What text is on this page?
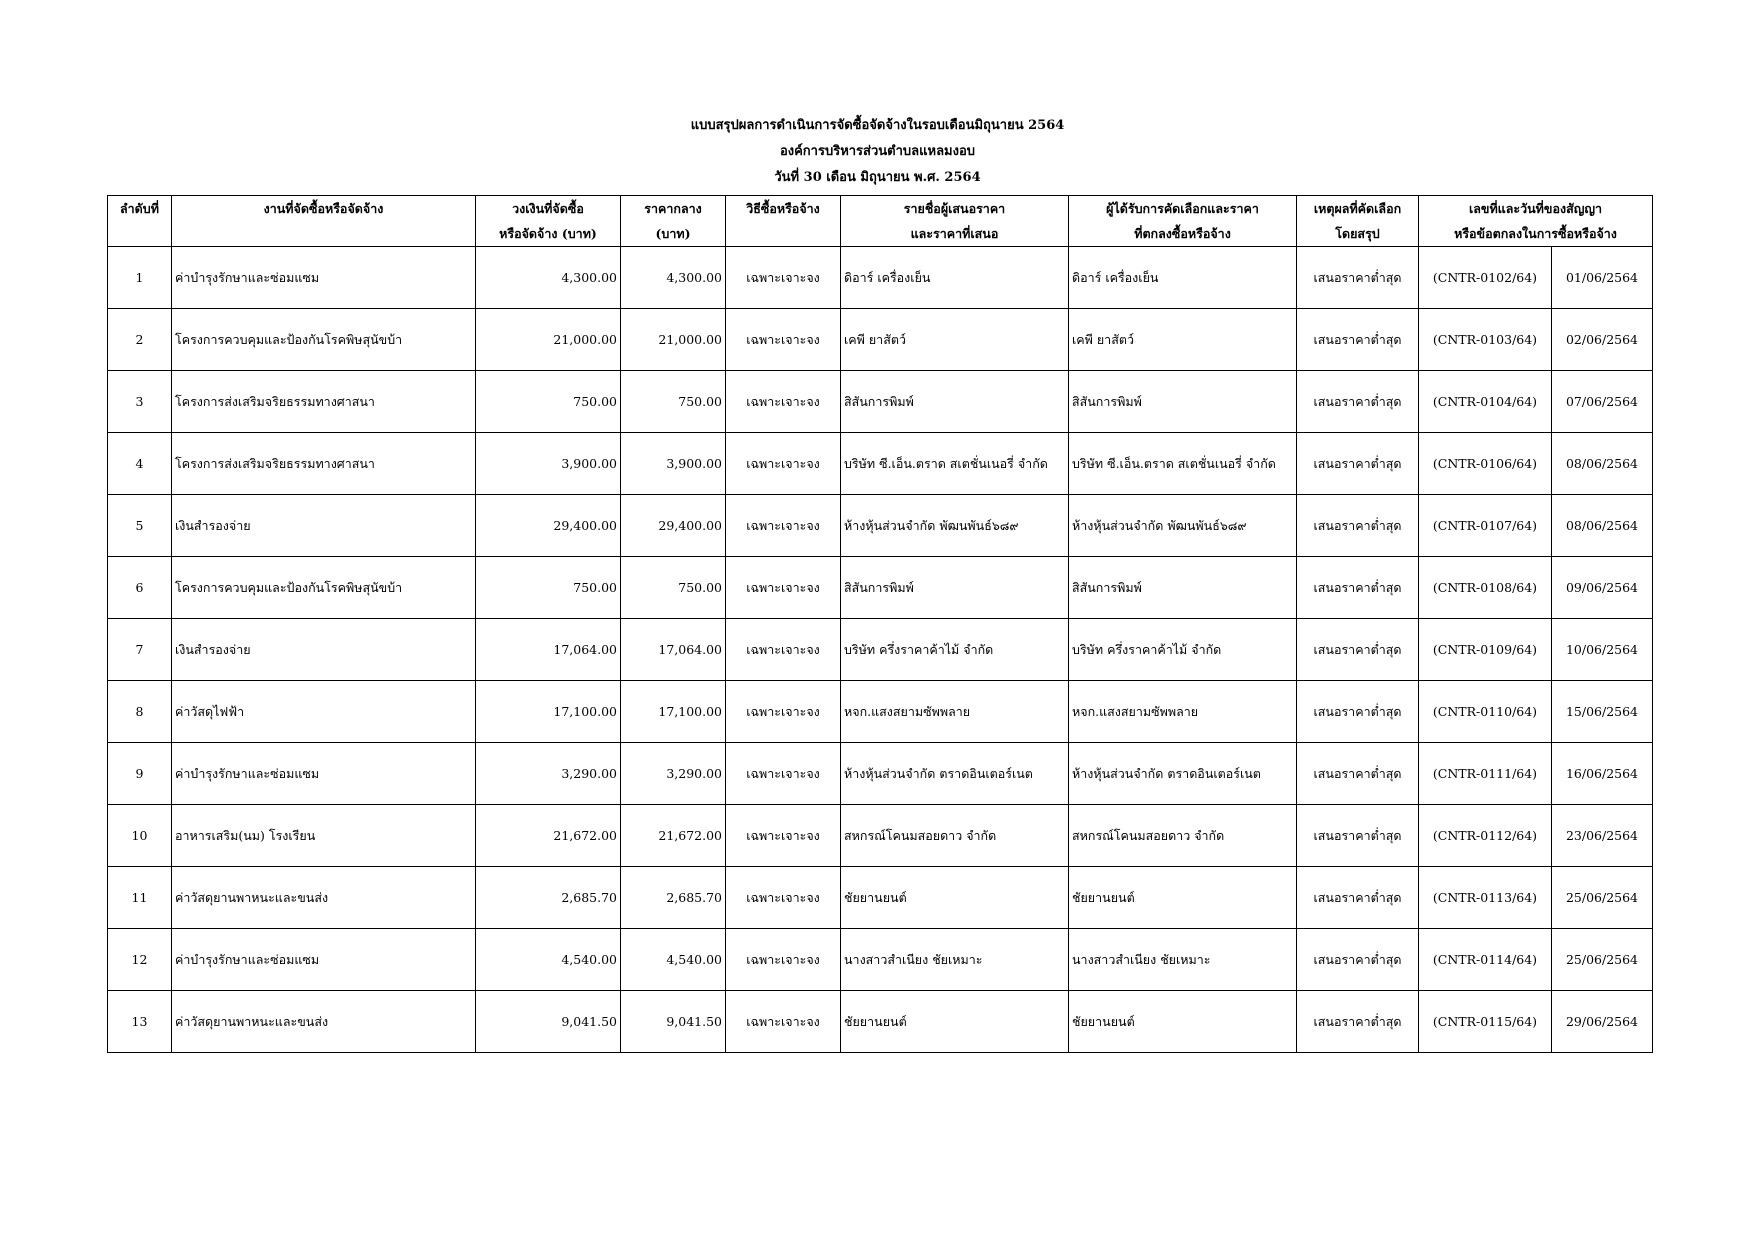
แบบสรุปผลการดำเนินการจัดซื้อจัดจ้างในรอบเดือนมิถุนายน 2564
องค์การบริหารส่วนตำบลแหลมงอบ
วันที่ 30 เดือน มิถุนายน พ.ศ. 2564
ลำดับที่	งานที่จัดซื้อหรือจัดจ้าง	วงเงินที่จัดซื้อ	ราคากลาง	วิธีซื้อหรือจ้าง	รายชื่อผู้เสนอราคา	ผู้ได้รับการคัดเลือกและราคา	เหตุผลที่คัดเลือก	เลขที่และวันที่ของสัญญา	
		หรือจัดจ้าง (บาท)	(บาท)		และราคาที่เสนอ	ที่ตกลงซื้อหรือจ้าง	โดยสรุป	หรือข้อตกลงในการซื้อหรือจ้าง	
1	ค่าบำรุงรักษาและซ่อมแซม	4,300.00	4,300.00	เฉพาะเจาะจง	ดิอาร์ เครื่องเย็น	ดิอาร์ เครื่องเย็น	เสนอราคาต่ำสุด	(CNTR-0102/64)	01/06/2564
2	โครงการควบคุมและป้องกันโรคพิษสุนัขบ้า	21,000.00	21,000.00	เฉพาะเจาะจง	เคพี ยาสัตว์	เคพี ยาสัตว์	เสนอราคาต่ำสุด	(CNTR-0103/64)	02/06/2564
3	โครงการส่งเสริมจริยธรรมทางศาสนา	750.00	750.00	เฉพาะเจาะจง	สิสันการพิมพ์	สิสันการพิมพ์	เสนอราคาต่ำสุด	(CNTR-0104/64)	07/06/2564
4	โครงการส่งเสริมจริยธรรมทางศาสนา	3,900.00	3,900.00	เฉพาะเจาะจง	บริษัท ซี.เอ็น.ตราด สเตชั่นเนอรี่ จำกัด	บริษัท ซี.เอ็น.ตราด สเตชั่นเนอรี่ จำกัด	เสนอราคาต่ำสุด	(CNTR-0106/64)	08/06/2564
5	เงินสำรองจ่าย	29,400.00	29,400.00	เฉพาะเจาะจง	ห้างหุ้นส่วนจำกัด พัฒนพันธ์๖๘๙	ห้างหุ้นส่วนจำกัด พัฒนพันธ์๖๘๙	เสนอราคาต่ำสุด	(CNTR-0107/64)	08/06/2564
6	โครงการควบคุมและป้องกันโรคพิษสุนัขบ้า	750.00	750.00	เฉพาะเจาะจง	สิสันการพิมพ์	สิสันการพิมพ์	เสนอราคาต่ำสุด	(CNTR-0108/64)	09/06/2564
7	เงินสำรองจ่าย	17,064.00	17,064.00	เฉพาะเจาะจง	บริษัท ครึ่งราคาค้าไม้ จำกัด	บริษัท ครึ่งราคาค้าไม้ จำกัด	เสนอราคาต่ำสุด	(CNTR-0109/64)	10/06/2564
8	ค่าวัสดุไฟฟ้า	17,100.00	17,100.00	เฉพาะเจาะจง	หจก.แสงสยามซัพพลาย	หจก.แสงสยามซัพพลาย	เสนอราคาต่ำสุด	(CNTR-0110/64)	15/06/2564
9	ค่าบำรุงรักษาและซ่อมแซม	3,290.00	3,290.00	เฉพาะเจาะจง	ห้างหุ้นส่วนจำกัด ตราดอินเตอร์เนต	ห้างหุ้นส่วนจำกัด ตราดอินเตอร์เนต	เสนอราคาต่ำสุด	(CNTR-0111/64)	16/06/2564
10	อาหารเสริม(นม) โรงเรียน	21,672.00	21,672.00	เฉพาะเจาะจง	สหกรณ์โคนมสอยดาว จำกัด	สหกรณ์โคนมสอยดาว จำกัด	เสนอราคาต่ำสุด	(CNTR-0112/64)	23/06/2564
11	ค่าวัสดุยานพาหนะและขนส่ง	2,685.70	2,685.70	เฉพาะเจาะจง	ชัยยานยนต์	ชัยยานยนต์	เสนอราคาต่ำสุด	(CNTR-0113/64)	25/06/2564
12	ค่าบำรุงรักษาและซ่อมแซม	4,540.00	4,540.00	เฉพาะเจาะจง	นางสาวสำเนียง ชัยเหมาะ	นางสาวสำเนียง ชัยเหมาะ	เสนอราคาต่ำสุด	(CNTR-0114/64)	25/06/2564
13	ค่าวัสดุยานพาหนะและขนส่ง	9,041.50	9,041.50	เฉพาะเจาะจง	ชัยยานยนต์	ชัยยานยนต์	เสนอราคาต่ำสุด	(CNTR-0115/64)	29/06/2564
